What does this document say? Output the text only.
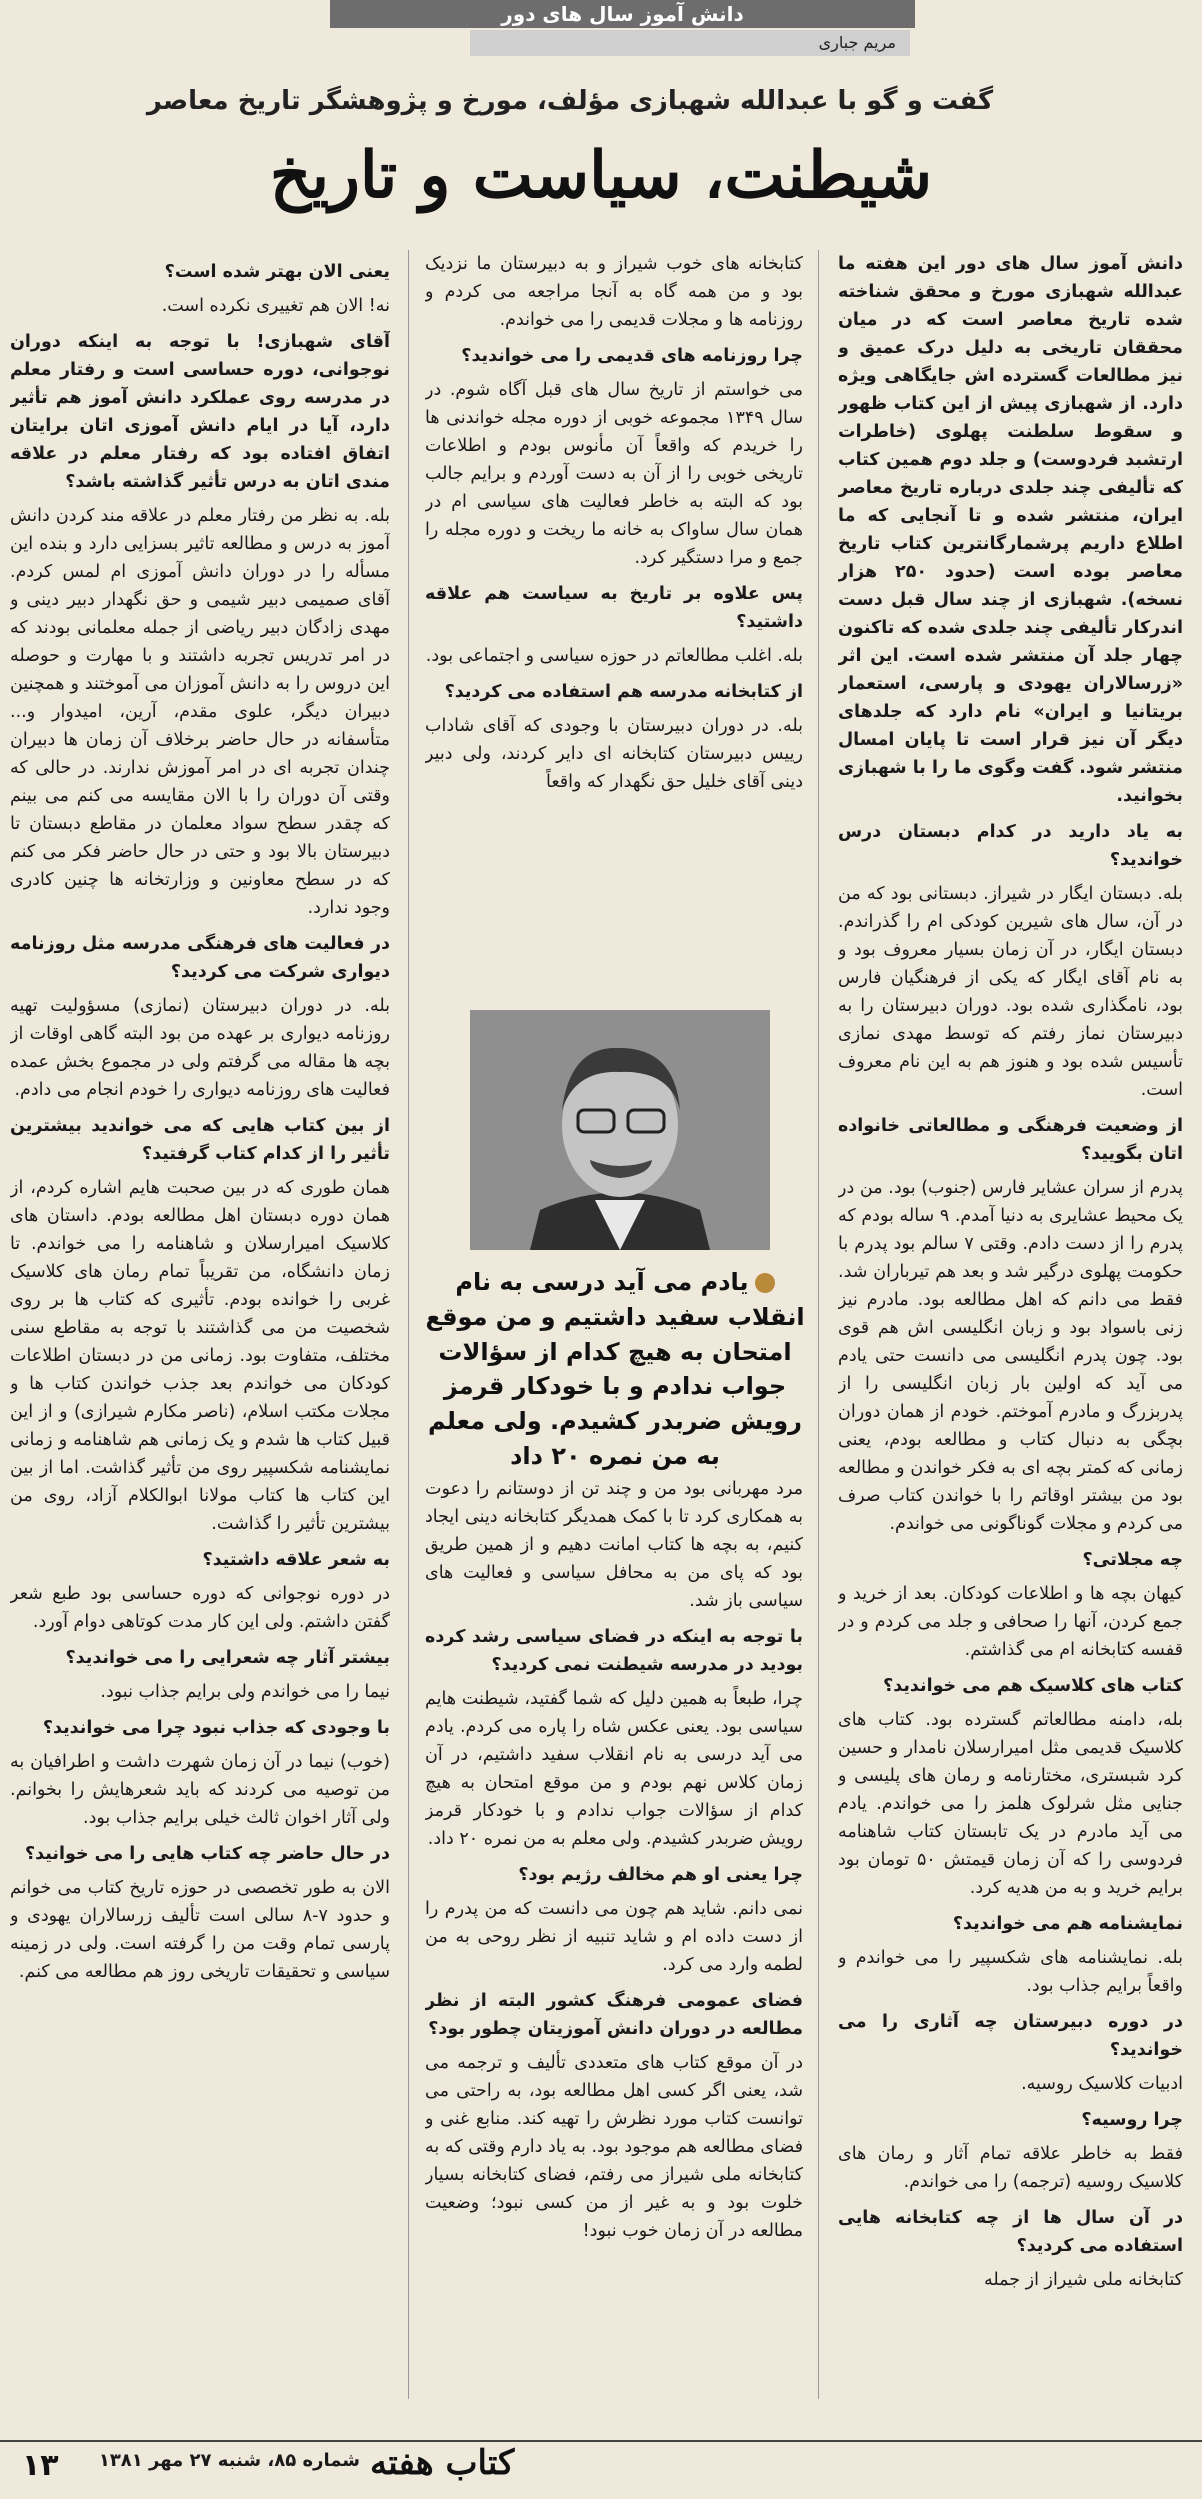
دانش آموز سال های دور
مریم جباری
گفت و گو با عبدالله شهبازی مؤلف، مورخ و پژوهشگر تاریخ معاصر
شیطنت، سیاست و تاریخ

دانش آموز سال های دور این هفته ما عبدالله شهبازی مورخ و محقق شناخته شده تاریخ معاصر است که در میان محققان تاریخی به دلیل درک عمیق و نیز مطالعات گسترده اش جایگاهی ویژه دارد. از شهبازی پیش از این کتاب ظهور و سقوط سلطنت پهلوی (خاطرات ارتشبد فردوست) و جلد دوم همین کتاب که تألیفی چند جلدی درباره تاریخ معاصر ایران، منتشر شده و تا آنجایی که ما اطلاع داریم پرشمارگانترین کتاب تاریخ معاصر بوده است (حدود ۲۵۰ هزار نسخه). شهبازی از چند سال قبل دست اندرکار تألیفی چند جلدی شده که تاکنون چهار جلد آن منتشر شده است. این اثر «زرسالاران یهودی و پارسی، استعمار بریتانیا و ایران» نام دارد که جلدهای دیگر آن نیز قرار است تا پایان امسال منتشر شود. گفت وگوی ما را با شهبازی بخوانید.

به یاد دارید در کدام دبستان درس خواندید؟

بله. دبستان ایگار در شیراز. دبستانی بود که من در آن، سال های شیرین کودکی ام را گذراندم. دبستان ایگار، در آن زمان بسیار معروف بود و به نام آقای ایگار که یکی از فرهنگیان فارس بود، نامگذاری شده بود. دوران دبیرستان را به دبیرستان نماز رفتم که توسط مهدی نمازی تأسیس شده بود و هنوز هم به این نام معروف است.

از وضعیت فرهنگی و مطالعاتی خانواده اتان بگویید؟

پدرم از سران عشایر فارس (جنوب) بود. من در یک محیط عشایری به دنیا آمدم. ۹ ساله بودم که پدرم را از دست دادم. وقتی ۷ سالم بود پدرم با حکومت پهلوی درگیر شد و بعد هم تیرباران شد. فقط می دانم که اهل مطالعه بود. مادرم نیز زنی باسواد بود و زبان انگلیسی اش هم قوی بود. چون پدرم انگلیسی می دانست حتی یادم می آید که اولین بار زبان انگلیسی را از پدربزرگ و مادرم آموختم. خودم از همان دوران بچگی به دنبال کتاب و مطالعه بودم، یعنی زمانی که کمتر بچه ای به فکر خواندن و مطالعه بود من بیشتر اوقاتم را با خواندن کتاب صرف می کردم و مجلات گوناگونی می خواندم.

چه مجلاتی؟

کیهان بچه ها و اطلاعات کودکان. بعد از خرید و جمع کردن، آنها را صحافی و جلد می کردم و در قفسه کتابخانه ام می گذاشتم.

کتاب های کلاسیک هم می خواندید؟

بله، دامنه مطالعاتم گسترده بود. کتاب های کلاسیک قدیمی مثل امیرارسلان نامدار و حسین کرد شبستری، مختارنامه و رمان های پلیسی و جنایی مثل شرلوک هلمز را می خواندم. یادم می آید مادرم در یک تابستان کتاب شاهنامه فردوسی را که آن زمان قیمتش ۵۰ تومان بود برایم خرید و به من هدیه کرد.

نمایشنامه هم می خواندید؟

بله. نمایشنامه های شکسپیر را می خواندم و واقعاً برایم جذاب بود.

در دوره دبیرستان چه آثاری را می خواندید؟

ادبیات کلاسیک روسیه.

چرا روسیه؟

فقط به خاطر علاقه تمام آثار و رمان های کلاسیک روسیه (ترجمه) را می خواندم.

در آن سال ها از چه کتابخانه هایی استفاده می کردید؟

کتابخانه ملی شیراز از جمله

کتابخانه های خوب شیراز و به دبیرستان ما نزدیک بود و من همه گاه به آنجا مراجعه می کردم و روزنامه ها و مجلات قدیمی را می خواندم.

چرا روزنامه های قدیمی را می خواندید؟

می خواستم از تاریخ سال های قبل آگاه شوم. در سال ۱۳۴۹ مجموعه خوبی از دوره مجله خواندنی ها را خریدم که واقعاً آن مأنوس بودم و اطلاعات تاریخی خوبی را از آن به دست آوردم و برایم جالب بود که البته به خاطر فعالیت های سیاسی ام در همان سال ساواک به خانه ما ریخت و دوره مجله را جمع و مرا دستگیر کرد.

پس علاوه بر تاریخ به سیاست هم علاقه داشتید؟

بله. اغلب مطالعاتم در حوزه سیاسی و اجتماعی بود.

از کتابخانه مدرسه هم استفاده می کردید؟

بله. در دوران دبیرستان با وجودی که آقای شاداب رییس دبیرستان کتابخانه ای دایر کردند، ولی دبیر دینی آقای خلیل حق نگهدار که واقعاً

یادم می آید درسی به نام انقلاب سفید داشتیم و من موقع امتحان به هیچ کدام از سؤالات جواب ندادم و با خودکار قرمز رویش ضربدر کشیدم. ولی معلم به من نمره ۲۰ داد

مرد مهربانی بود من و چند تن از دوستانم را دعوت به همکاری کرد تا با کمک همدیگر کتابخانه دینی ایجاد کنیم، به بچه ها کتاب امانت دهیم و از همین طریق بود که پای من به محافل سیاسی و فعالیت های سیاسی باز شد.

با توجه به اینکه در فضای سیاسی رشد کرده بودید در مدرسه شیطنت نمی کردید؟

چرا، طبعاً به همین دلیل که شما گفتید، شیطنت هایم سیاسی بود. یعنی عکس شاه را پاره می کردم. یادم می آید درسی به نام انقلاب سفید داشتیم، در آن زمان کلاس نهم بودم و من موقع امتحان به هیچ کدام از سؤالات جواب ندادم و با خودکار قرمز رویش ضربدر کشیدم. ولی معلم به من نمره ۲۰ داد.

چرا یعنی او هم مخالف رژیم بود؟

نمی دانم. شاید هم چون می دانست که من پدرم را از دست داده ام و شاید تنبیه از نظر روحی به من لطمه وارد می کرد.

فضای عمومی فرهنگ کشور البته از نظر مطالعه در دوران دانش آموزیتان چطور بود؟

در آن موقع کتاب های متعددی تألیف و ترجمه می شد، یعنی اگر کسی اهل مطالعه بود، به راحتی می توانست کتاب مورد نظرش را تهیه کند. منابع غنی و فضای مطالعه هم موجود بود. به یاد دارم وقتی که به کتابخانه ملی شیراز می رفتم، فضای کتابخانه بسیار خلوت بود و به غیر از من کسی نبود؛ وضعیت مطالعه در آن زمان خوب نبود!

یعنی الان بهتر شده است؟

نه! الان هم تغییری نکرده است.

آقای شهبازی! با توجه به اینکه دوران نوجوانی، دوره حساسی است و رفتار معلم در مدرسه روی عملکرد دانش آموز هم تأثیر دارد، آیا در ایام دانش آموزی اتان برایتان اتفاق افتاده بود که رفتار معلم در علاقه مندی اتان به درس تأثیر گذاشته باشد؟

بله. به نظر من رفتار معلم در علاقه مند کردن دانش آموز به درس و مطالعه تاثیر بسزایی دارد و بنده این مسأله را در دوران دانش آموزی ام لمس کردم. آقای صمیمی دبیر شیمی و حق نگهدار دبیر دینی و مهدی زادگان دبیر ریاضی از جمله معلمانی بودند که در امر تدریس تجربه داشتند و با مهارت و حوصله این دروس را به دانش آموزان می آموختند و همچنین دبیران دیگر، علوی مقدم، آرین، امیدوار و... متأسفانه در حال حاضر برخلاف آن زمان ها دبیران چندان تجربه ای در امر آموزش ندارند. در حالی که وقتی آن دوران را با الان مقایسه می کنم می بینم که چقدر سطح سواد معلمان در مقاطع دبستان تا دبیرستان بالا بود و حتی در حال حاضر فکر می کنم که در سطح معاونین و وزارتخانه ها چنین کادری وجود ندارد.

در فعالیت های فرهنگی مدرسه مثل روزنامه دیواری شرکت می کردید؟

بله. در دوران دبیرستان (نمازی) مسؤولیت تهیه روزنامه دیواری بر عهده من بود البته گاهی اوقات از بچه ها مقاله می گرفتم ولی در مجموع بخش عمده فعالیت های روزنامه دیواری را خودم انجام می دادم.

از بین کتاب هایی که می خواندید بیشترین تأثیر را از کدام کتاب گرفتید؟

همان طوری که در بین صحبت هایم اشاره کردم، از همان دوره دبستان اهل مطالعه بودم. داستان های کلاسیک امیرارسلان و شاهنامه را می خواندم. تا زمان دانشگاه، من تقریباً تمام رمان های کلاسیک غربی را خوانده بودم. تأثیری که کتاب ها بر روی شخصیت من می گذاشتند با توجه به مقاطع سنی مختلف، متفاوت بود. زمانی من در دبستان اطلاعات کودکان می خواندم بعد جذب خواندن کتاب ها و مجلات مکتب اسلام، (ناصر مکارم شیرازی) و از این قبیل کتاب ها شدم و یک زمانی هم شاهنامه و زمانی نمایشنامه شکسپیر روی من تأثیر گذاشت. اما از بین این کتاب ها کتاب مولانا ابوالکلام آزاد، روی من بیشترین تأثیر را گذاشت.

به شعر علاقه داشتید؟

در دوره نوجوانی که دوره حساسی بود طبع شعر گفتن داشتم. ولی این کار مدت کوتاهی دوام آورد.

بیشتر آثار چه شعرایی را می خواندید؟

نیما را می خواندم ولی برایم جذاب نبود.

با وجودی که جذاب نبود چرا می خواندید؟

(خوب) نیما در آن زمان شهرت داشت و اطرافیان به من توصیه می کردند که باید شعرهایش را بخوانم. ولی آثار اخوان ثالث خیلی برایم جذاب بود.

در حال حاضر چه کتاب هایی را می خوانید؟

الان به طور تخصصی در حوزه تاریخ کتاب می خوانم و حدود ۷-۸ سالی است تألیف زرسالاران یهودی و پارسی تمام وقت من را گرفته است. ولی در زمینه سیاسی و تحقیقات تاریخی روز هم مطالعه می کنم.

۱۳	شماره ۸۵، شنبه ۲۷ مهر ۱۳۸۱ کتاب هفته
